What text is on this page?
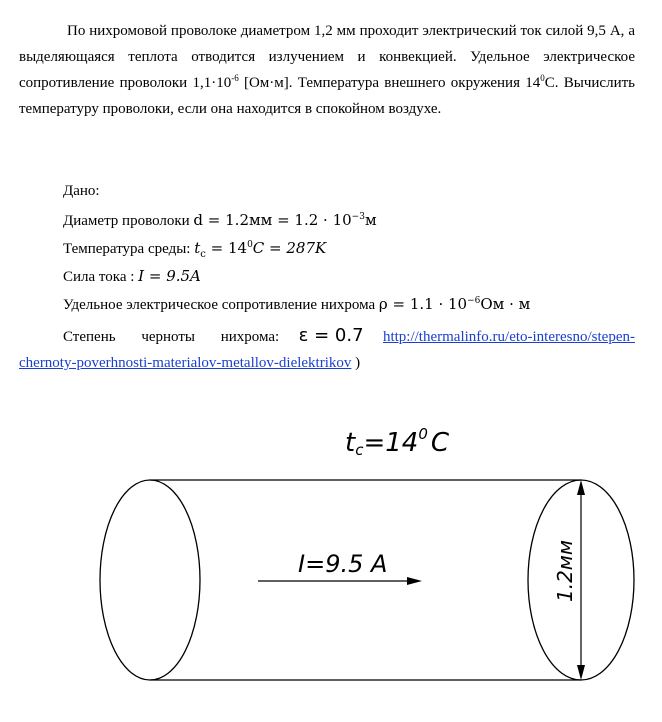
По нихромовой проволоке диаметром 1,2 мм проходит электрический ток силой 9,5 А, а выделяющаяся теплота отводится излучением и конвекцией. Удельное электрическое сопротивление проволоки $1,1\cdot 10^{-6}$ [Ом·м]. Температура внешнего окружения $14^0С$. Вычислить температуру проволоки, если она находится в спокойном воздухе.
Дано:
Диаметр проволоки $d = 1.2мм = 1.2 \cdot 10^{-3}м$
Температура среды: $t_c = 14^0C = 287K$
Сила тока : I = 9.5A
Удельное электрическое сопротивление нихрома $\rho = 1.1 \cdot 10^{-6}Ом \cdot м$
Степень черноты нихрома: ε = 0.7 http://thermalinfo.ru/eto-interesno/stepen-
chernoty-poverhnosti-materialov-metallov-dielektrikov )
$tc=14^0$ C
I=9.5 A	1.2мм
